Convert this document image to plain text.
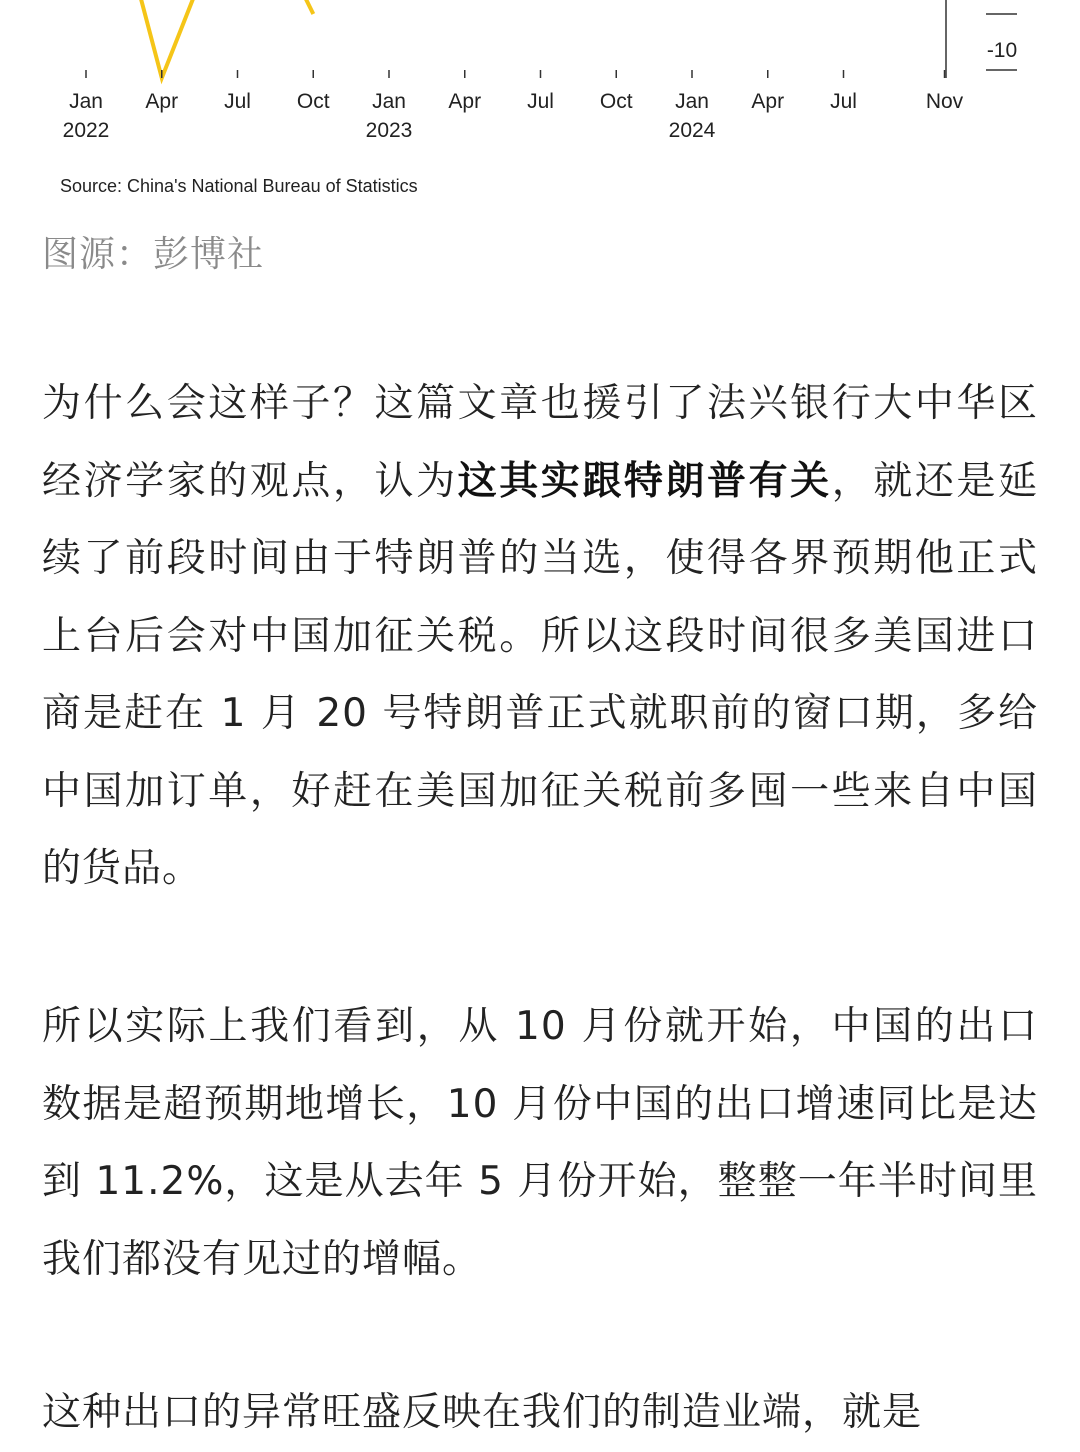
Jan
2022
Apr Jul Oct Jan
2023
Apr Jul Oct Jan
2024
Apr Jul	Nov
-10

Source: China's National Bureau of Statistics

图源：彭博社

为什么会这样子？这篇文章也援引了法兴银行大中华区经济学家的观点，认为这其实跟特朗普有关，就还是延续了前段时间由于特朗普的当选，使得各界预期他正式上台后会对中国加征关税。所以这段时间很多美国进口商是赶在 1 月 20 号特朗普正式就职前的窗口期，多给中国加订单，好赶在美国加征关税前多囤一些来自中国的货品。

所以实际上我们看到，从 10 月份就开始，中国的出口数据是超预期地增长，10 月份中国的出口增速同比是达到 11.2%，这是从去年 5 月份开始，整整一年半时间里我们都没有见过的增幅。

这种出口的异常旺盛反映在我们的制造业端，就是
